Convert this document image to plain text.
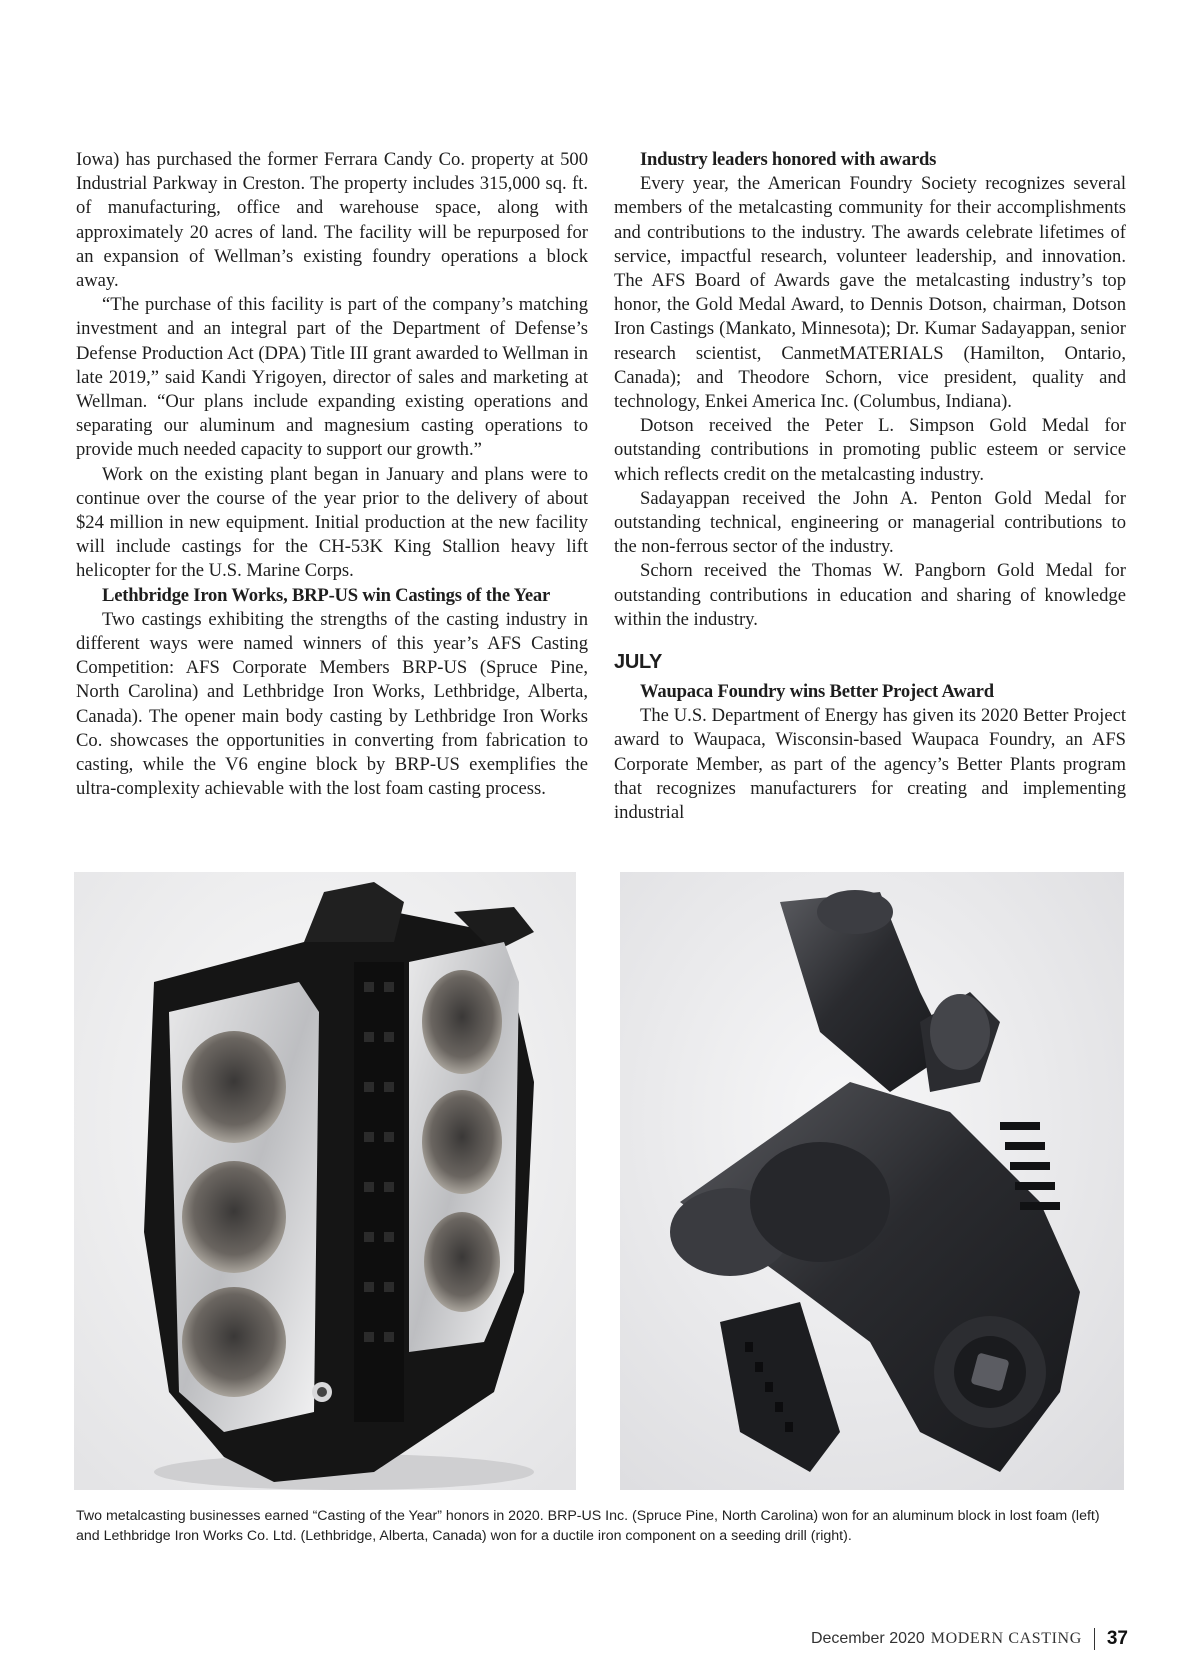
Iowa) has purchased the former Ferrara Candy Co. property at 500 Industrial Parkway in Creston. The property includes 315,000 sq. ft. of manufacturing, office and warehouse space, along with approximately 20 acres of land. The facility will be repurposed for an expansion of Wellman’s existing foundry operations a block away.

“The purchase of this facility is part of the company’s matching investment and an integral part of the Department of Defense’s Defense Production Act (DPA) Title III grant awarded to Wellman in late 2019,” said Kandi Yrigoyen, director of sales and marketing at Wellman. “Our plans include expanding existing operations and separating our aluminum and magnesium casting operations to provide much needed capacity to support our growth.”

Work on the existing plant began in January and plans were to continue over the course of the year prior to the delivery of about $24 million in new equipment. Initial production at the new facility will include castings for the CH-53K King Stallion heavy lift helicopter for the U.S. Marine Corps.

Lethbridge Iron Works, BRP-US win Castings of the Year

Two castings exhibiting the strengths of the casting industry in different ways were named winners of this year’s AFS Casting Competition: AFS Corporate Members BRP-US (Spruce Pine, North Carolina) and Lethbridge Iron Works, Lethbridge, Alberta, Canada). The opener main body casting by Lethbridge Iron Works Co. showcases the opportunities in converting from fabrication to casting, while the V6 engine block by BRP-US exemplifies the ultra-complexity achievable with the lost foam casting process.

Industry leaders honored with awards

Every year, the American Foundry Society recognizes several members of the metalcasting community for their accomplishments and contributions to the industry. The awards celebrate lifetimes of service, impactful research, volunteer leadership, and innovation. The AFS Board of Awards gave the metalcasting industry’s top honor, the Gold Medal Award, to Dennis Dotson, chairman, Dotson Iron Castings (Mankato, Minnesota); Dr. Kumar Sadayappan, senior research scientist, CanmetMATERIALS (Hamilton, Ontario, Canada); and Theodore Schorn, vice president, quality and technology, Enkei America Inc. (Columbus, Indiana).

Dotson received the Peter L. Simpson Gold Medal for outstanding contributions in promoting public esteem or service which reflects credit on the metalcasting industry.

Sadayappan received the John A. Penton Gold Medal for outstanding technical, engineering or managerial contributions to the non-ferrous sector of the industry.

Schorn received the Thomas W. Pangborn Gold Medal for outstanding contributions in education and sharing of knowledge within the industry.

JULY

Waupaca Foundry wins Better Project Award

The U.S. Department of Energy has given its 2020 Better Project award to Waupaca, Wisconsin-based Waupaca Foundry, an AFS Corporate Member, as part of the agency’s Better Plants program that recognizes manufacturers for creating and implementing industrial

Two metalcasting businesses earned “Casting of the Year” honors in 2020. BRP-US Inc. (Spruce Pine, North Carolina) won for an aluminum block in lost foam (left) and Lethbridge Iron Works Co. Ltd. (Lethbridge, Alberta, Canada) won for a ductile iron component on a seeding drill (right).

December 2020 MODERN CASTING 37
